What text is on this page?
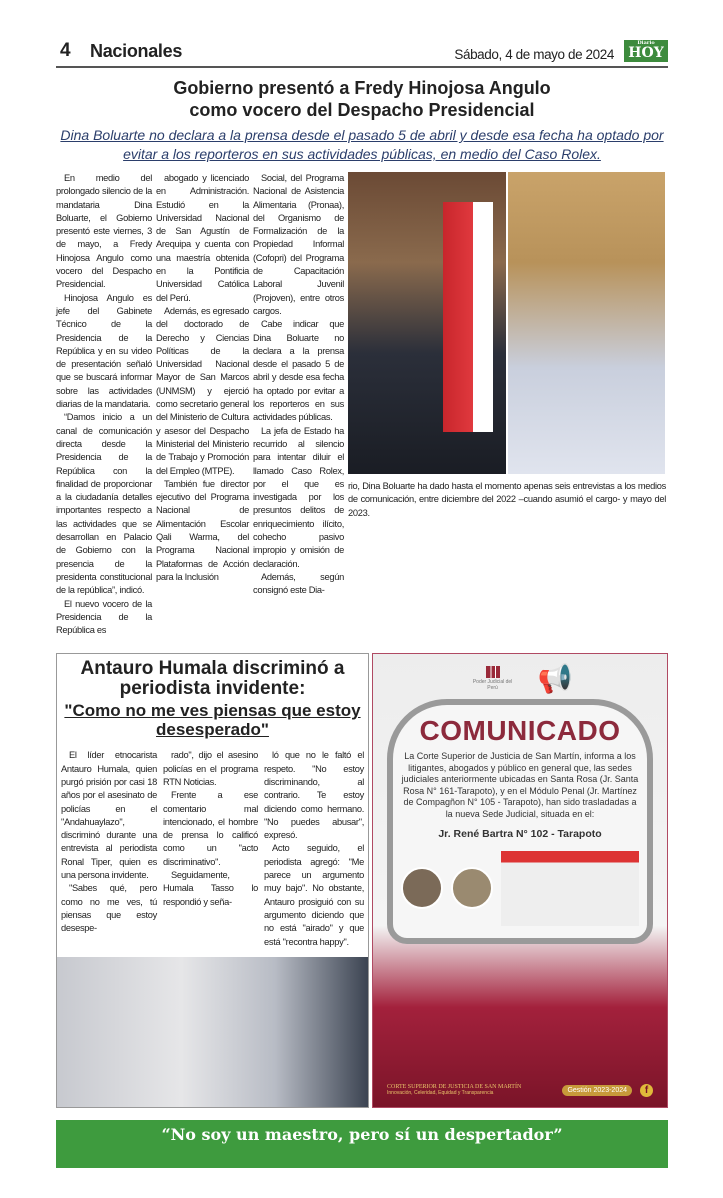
4	Nacionales	Sábado, 4 de mayo de 2024
Diario
HOY
Gobierno presentó a Fredy Hinojosa Angulo
como vocero del Despacho Presidencial
Dina Boluarte no declara a la prensa desde el pasado 5 de abril y desde esa fecha ha optado por evitar a los reporteros en sus actividades públicas, en medio del Caso Rolex.

En medio del prolongado silencio de la mandataria Dina Boluarte, el Gobierno presentó este viernes, 3 de mayo, a Fredy Hinojosa Angulo como vocero del Despacho Presidencial.

Hinojosa Angulo es jefe del Gabinete Técnico de la Presidencia de la República y en su video de presentación señaló que se buscará informar sobre las actividades diarias de la mandataria.

“Damos inicio a un canal de comunicación directa desde la Presidencia de la República con la finalidad de proporcionar a la ciudadanía detalles importantes respecto a las actividades que se desarrollan en Palacio de Gobierno con la presencia de la presidenta constitucional de la república”, indicó.

El nuevo vocero de la Presidencia de la República es

abogado y licenciado en Administración. Estudió en la Universidad Nacional de San Agustín de Arequipa y cuenta con una maestría obtenida en la Pontificia Universidad Católica del Perú.

Además, es egresado del doctorado de Derecho y Ciencias Políticas de la Universidad Nacional Mayor de San Marcos (UNMSM) y ejerció como secretario general del Ministerio de Cultura y asesor del Despacho Ministerial del Ministerio de Trabajo y Promoción del Empleo (MTPE).

También fue director ejecutivo del Programa Nacional de Alimentación Escolar Qali Warma, del Programa Nacional Plataformas de Acción para la Inclusión

Social, del Programa Nacional de Asistencia Alimentaria (Pronaa), del Organismo de Formalización de la Propiedad Informal (Cofopri) del Programa de Capacitación Laboral Juvenil (Projoven), entre otros cargos.

Cabe indicar que Dina Boluarte no declara a la prensa desde el pasado 5 de abril y desde esa fecha ha optado por evitar a los reporteros en sus actividades públicas.

La jefa de Estado ha recurrido al silencio para intentar diluir el llamado Caso Rolex, por el que es investigada por los presuntos delitos de enriquecimiento ilícito, cohecho pasivo impropio y omisión de declaración.

Además, según consignó este Dia-

rio, Dina Boluarte ha dado hasta el momento apenas seis entrevistas a los medios de comunicación, entre diciembre del 2022 –cuando asumió el cargo- y mayo del 2023.
Antauro Humala discriminó a periodista invidente:
"Como no me ves piensas que estoy desesperado"

El líder etnocarista Antauro Humala, quien purgó prisión por casi 18 años por el asesinato de policías en el "Andahuaylazo", discriminó durante una entrevista al periodista Ronal Tiper, quien es una persona invidente.

"Sabes qué, pero como no me ves, tú piensas que estoy desespe-

rado", dijo el asesino policías en el programa RTN Noticias.

Frente a ese comentario mal intencionado, el hombre de prensa lo calificó como un "acto discriminativo".

Seguidamente, Humala Tasso lo respondió y seña-

ló que no le faltó el respeto. "No estoy discriminando, al contrario. Te estoy diciendo como hermano. "No puedes abusar", expresó.

Acto seguido, el periodista agregó: "Me parece un argumento muy bajo". No obstante, Antauro prosiguió con su argumento diciendo que no está "airado" y que está "recontra happy".

Poder Judicial del Perú	📢
COMUNICADO
La Corte Superior de Justicia de San Martín, informa a los litigantes, abogados y público en general que, las sedes judiciales anteriormente ubicadas en Santa Rosa (Jr. Santa Rosa N° 161-Tarapoto), y en el Módulo Penal (Jr. Martínez de Compagñon N° 105 - Tarapoto), han sido trasladadas a la nueva Sede Judicial, situada en el:
Jr. René Bartra N° 102 - Tarapoto
CORTE SUPERIOR DE JUSTICIA DE SAN MARTÍN
Innovación, Celeridad, Equidad y Transparencia	Gestión 2023-2024	f
“No soy un maestro, pero sí un despertador”
